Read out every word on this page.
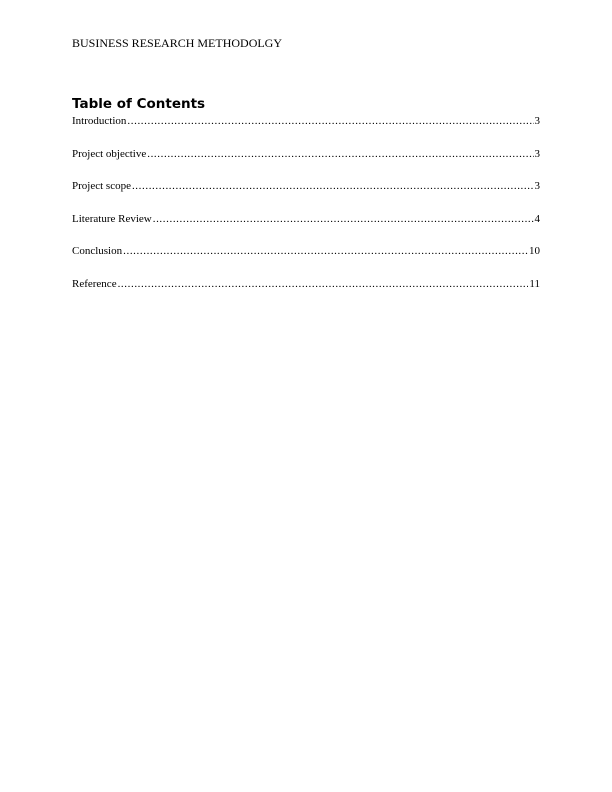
BUSINESS RESEARCH METHODOLGY
Table of Contents
Introduction .....	3
Project objective .....	3
Project scope .....	3
Literature Review .....	4
Conclusion .....	10
Reference .....	11
